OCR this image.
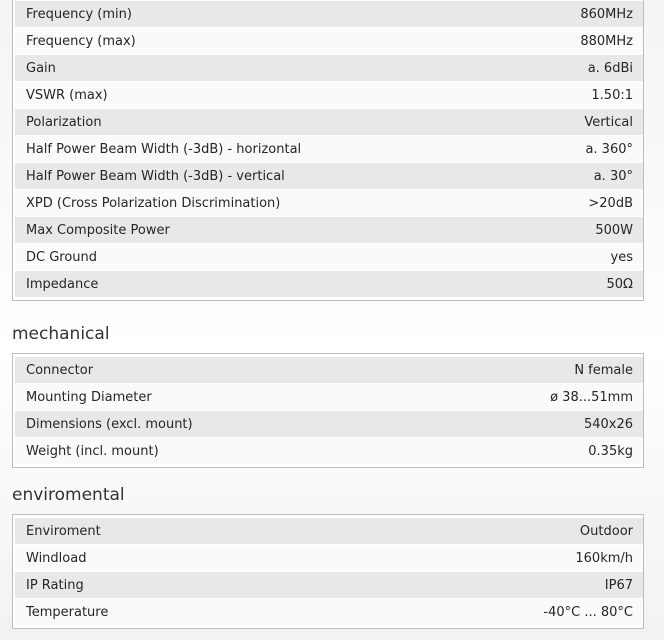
Frequency (min)	860MHz
Frequency (max)	880MHz
Gain	a. 6dBi
VSWR (max)	1.50:1
Polarization	Vertical
Half Power Beam Width (-3dB) - horizontal	a. 360°
Half Power Beam Width (-3dB) - vertical	a. 30°
XPD (Cross Polarization Discrimination)	>20dB
Max Composite Power	500W
DC Ground	yes
Impedance	50Ω
mechanical
Connector	N female
Mounting Diameter	ø 38...51mm
Dimensions (excl. mount)	540x26
Weight (incl. mount)	0.35kg
enviromental
Enviroment	Outdoor
Windload	160km/h
IP Rating	IP67
Temperature	-40°C ... 80°C
